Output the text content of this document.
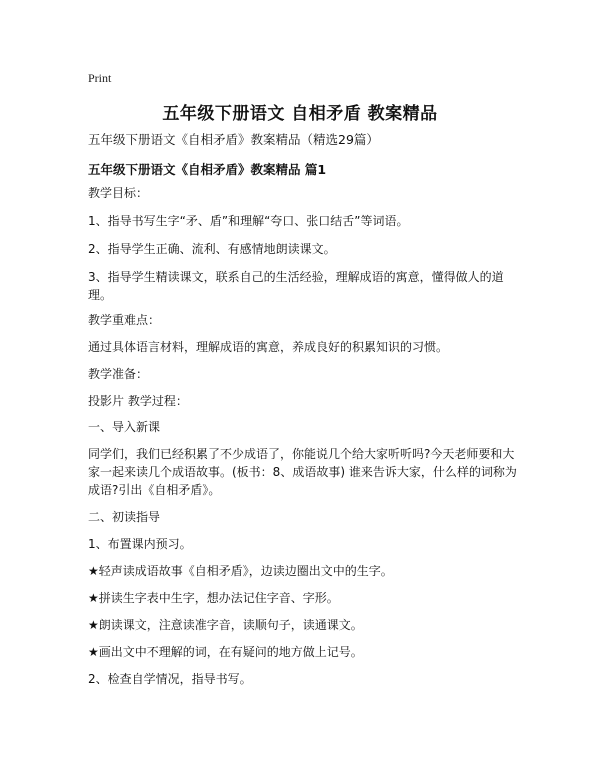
Print
五年级下册语文 自相矛盾 教案精品
五年级下册语文《自相矛盾》教案精品（精选29篇）
五年级下册语文《自相矛盾》教案精品 篇1
教学目标：
1、指导书写生字“矛、盾”和理解“夸口、张口结舌”等词语。
2、指导学生正确、流利、有感情地朗读课文。
3、指导学生精读课文，联系自己的生活经验，理解成语的寓意，懂得做人的道理。
教学重难点：
通过具体语言材料，理解成语的寓意，养成良好的积累知识的习惯。
教学准备：
投影片 教学过程：
一、导入新课
同学们，我们已经积累了不少成语了，你能说几个给大家听听吗?今天老师要和大家一起来读几个成语故事。(板书：8、成语故事) 谁来告诉大家，什么样的词称为成语?引出《自相矛盾》。
二、初读指导
1、布置课内预习。
★轻声读成语故事《自相矛盾》，边读边圈出文中的生字。
★拼读生字表中生字，想办法记住字音、字形。
★朗读课文，注意读准字音，读顺句子，读通课文。
★画出文中不理解的词，在有疑问的地方做上记号。
2、检查自学情况，指导书写。
